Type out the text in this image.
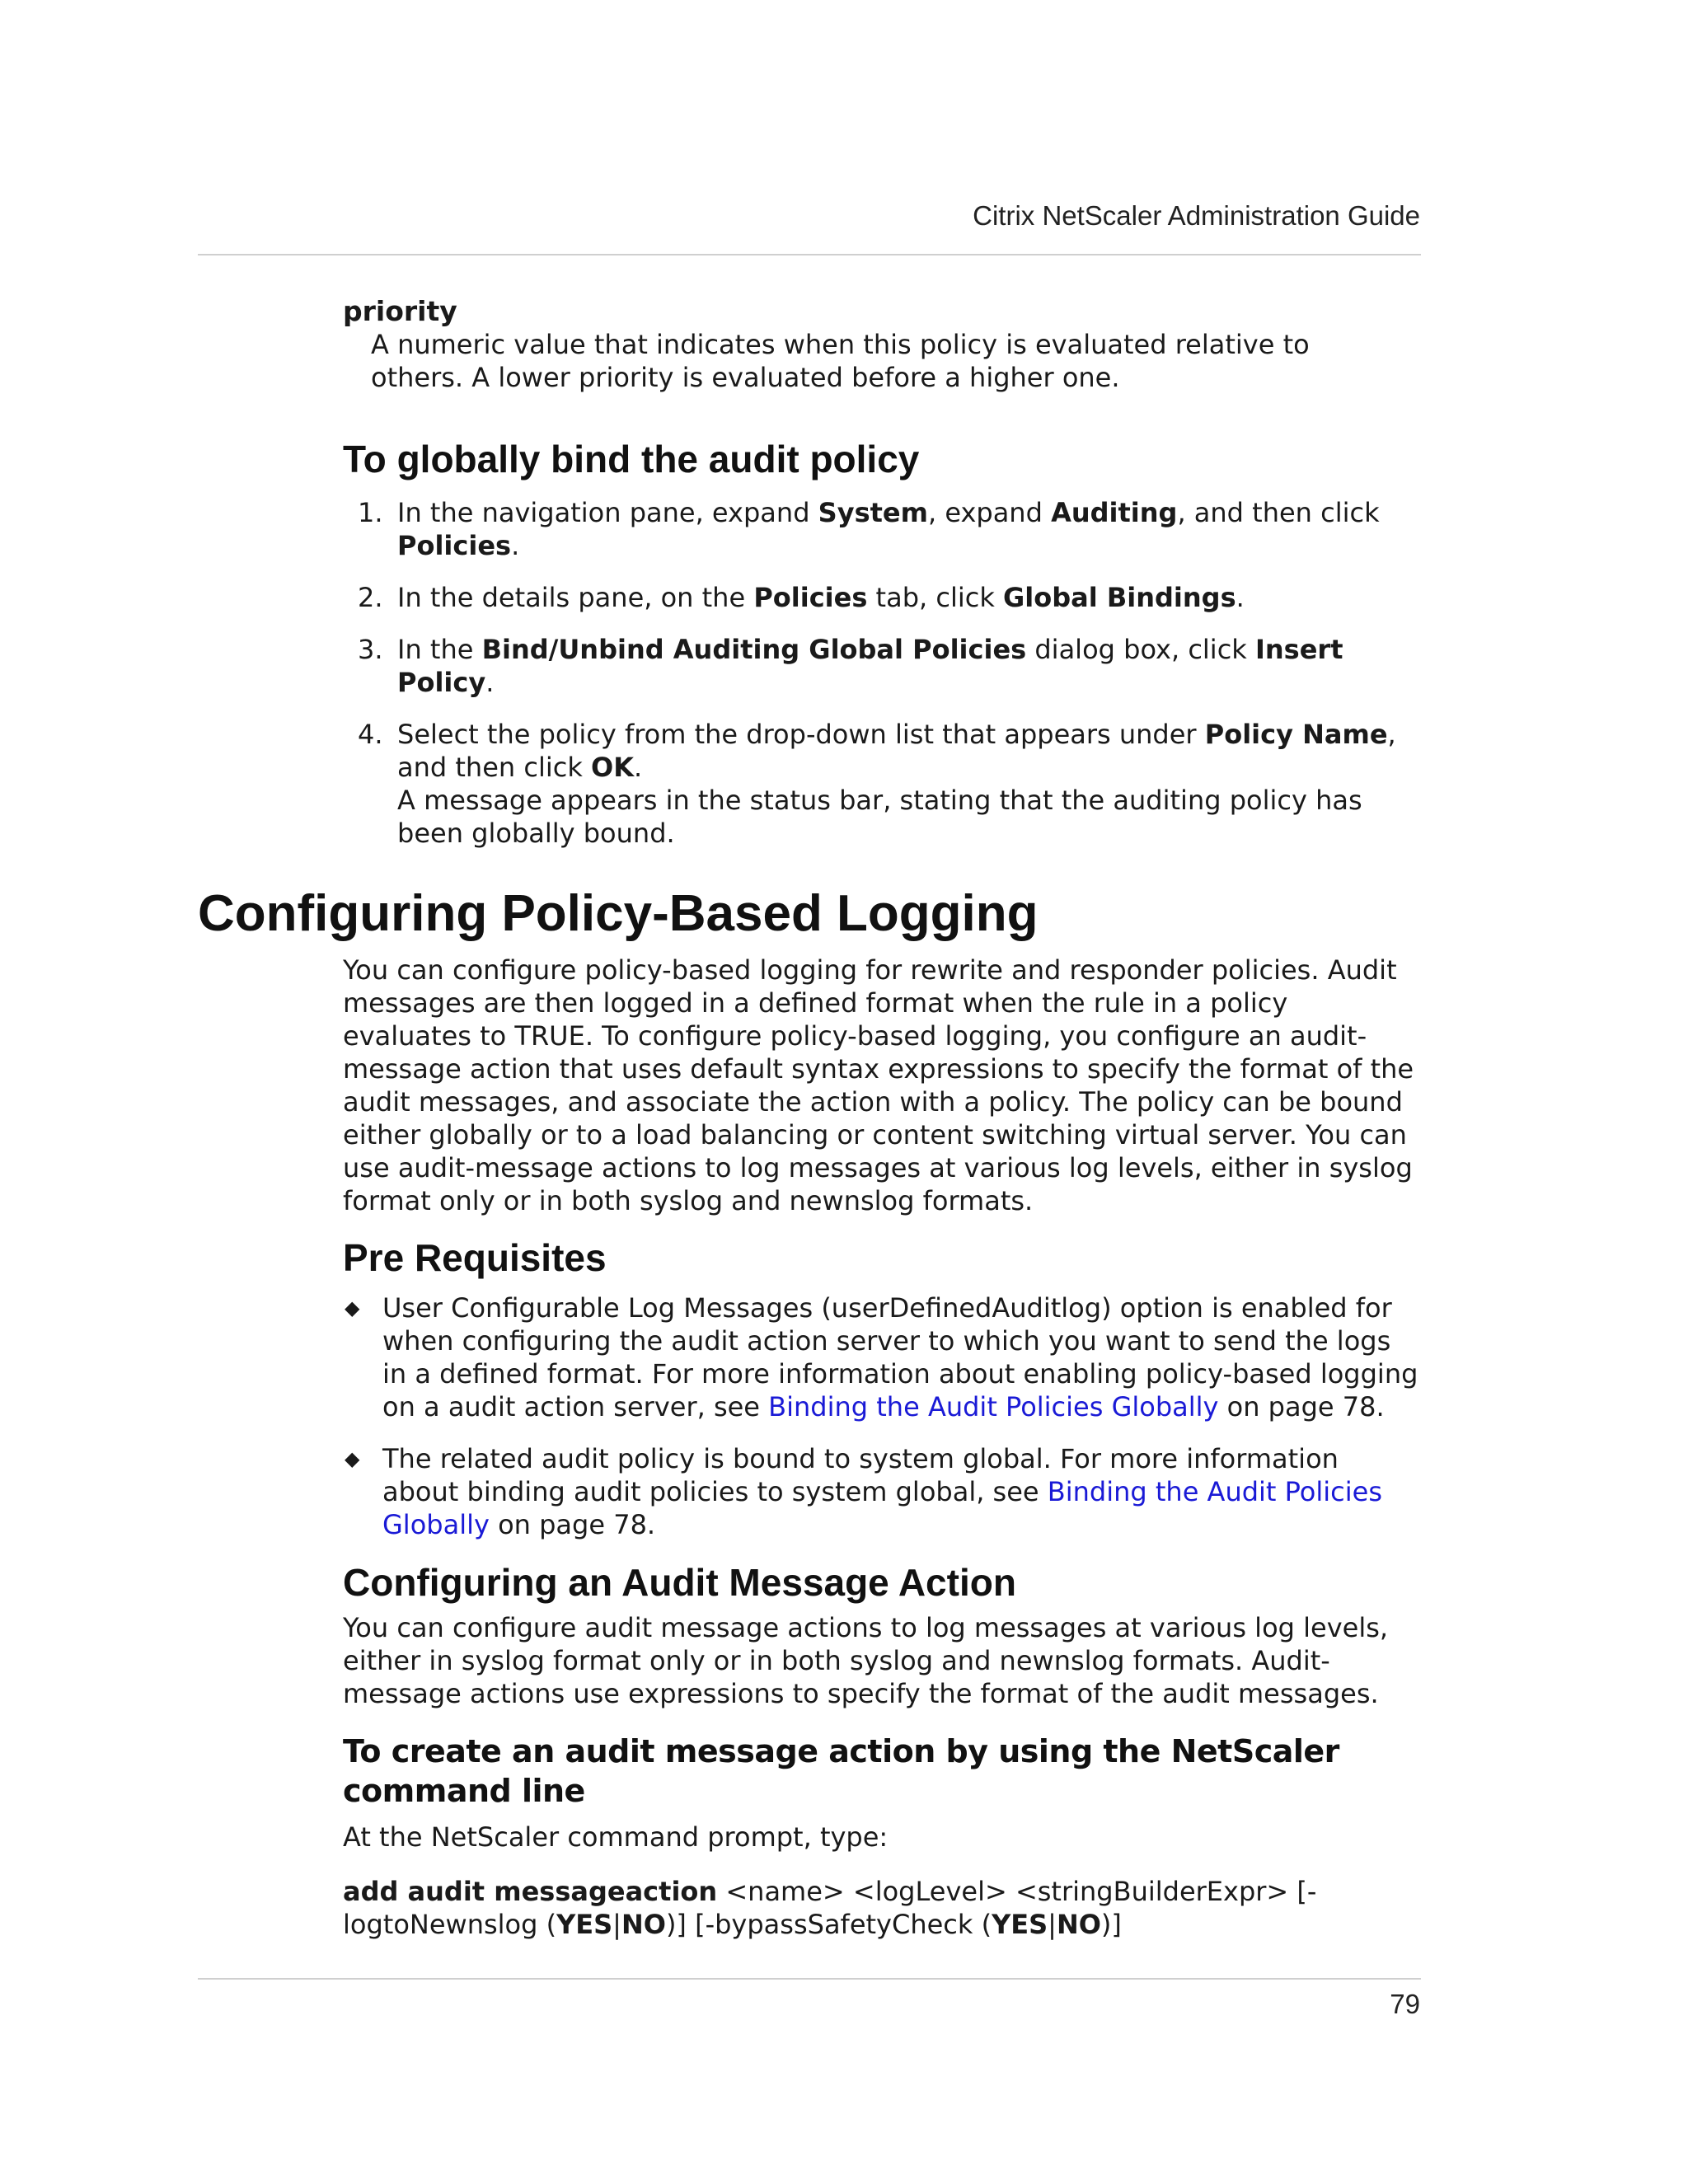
Citrix NetScaler Administration Guide

priority

A numeric value that indicates when this policy is evaluated relative to others. A lower priority is evaluated before a higher one.

To globally bind the audit policy
1. In the navigation pane, expand System, expand Auditing, and then click Policies.
2. In the details pane, on the Policies tab, click Global Bindings.
3. In the Bind/Unbind Auditing Global Policies dialog box, click Insert Policy.
4. Select the policy from the drop-down list that appears under Policy Name, and then click OK.
A message appears in the status bar, stating that the auditing policy has been globally bound.
Configuring Policy-Based Logging

You can configure policy-based logging for rewrite and responder policies. Audit messages are then logged in a defined format when the rule in a policy evaluates to TRUE. To configure policy-based logging, you configure an audit-message action that uses default syntax expressions to specify the format of the audit messages, and associate the action with a policy. The policy can be bound either globally or to a load balancing or content switching virtual server. You can use audit-message actions to log messages at various log levels, either in syslog format only or in both syslog and newnslog formats.

Pre Requisites
◆ User Configurable Log Messages (userDefinedAuditlog) option is enabled for when configuring the audit action server to which you want to send the logs in a defined format. For more information about enabling policy-based logging on a audit action server, see Binding the Audit Policies Globally on page 78.
◆ The related audit policy is bound to system global. For more information about binding audit policies to system global, see Binding the Audit Policies Globally on page 78.
Configuring an Audit Message Action

You can configure audit message actions to log messages at various log levels, either in syslog format only or in both syslog and newnslog formats. Audit-message actions use expressions to specify the format of the audit messages.

To create an audit message action by using the NetScaler command line

At the NetScaler command prompt, type:

add audit messageaction <name> <logLevel> <stringBuilderExpr> [-logtoNewnslog (YES|NO)] [-bypassSafetyCheck (YES|NO)]

79
